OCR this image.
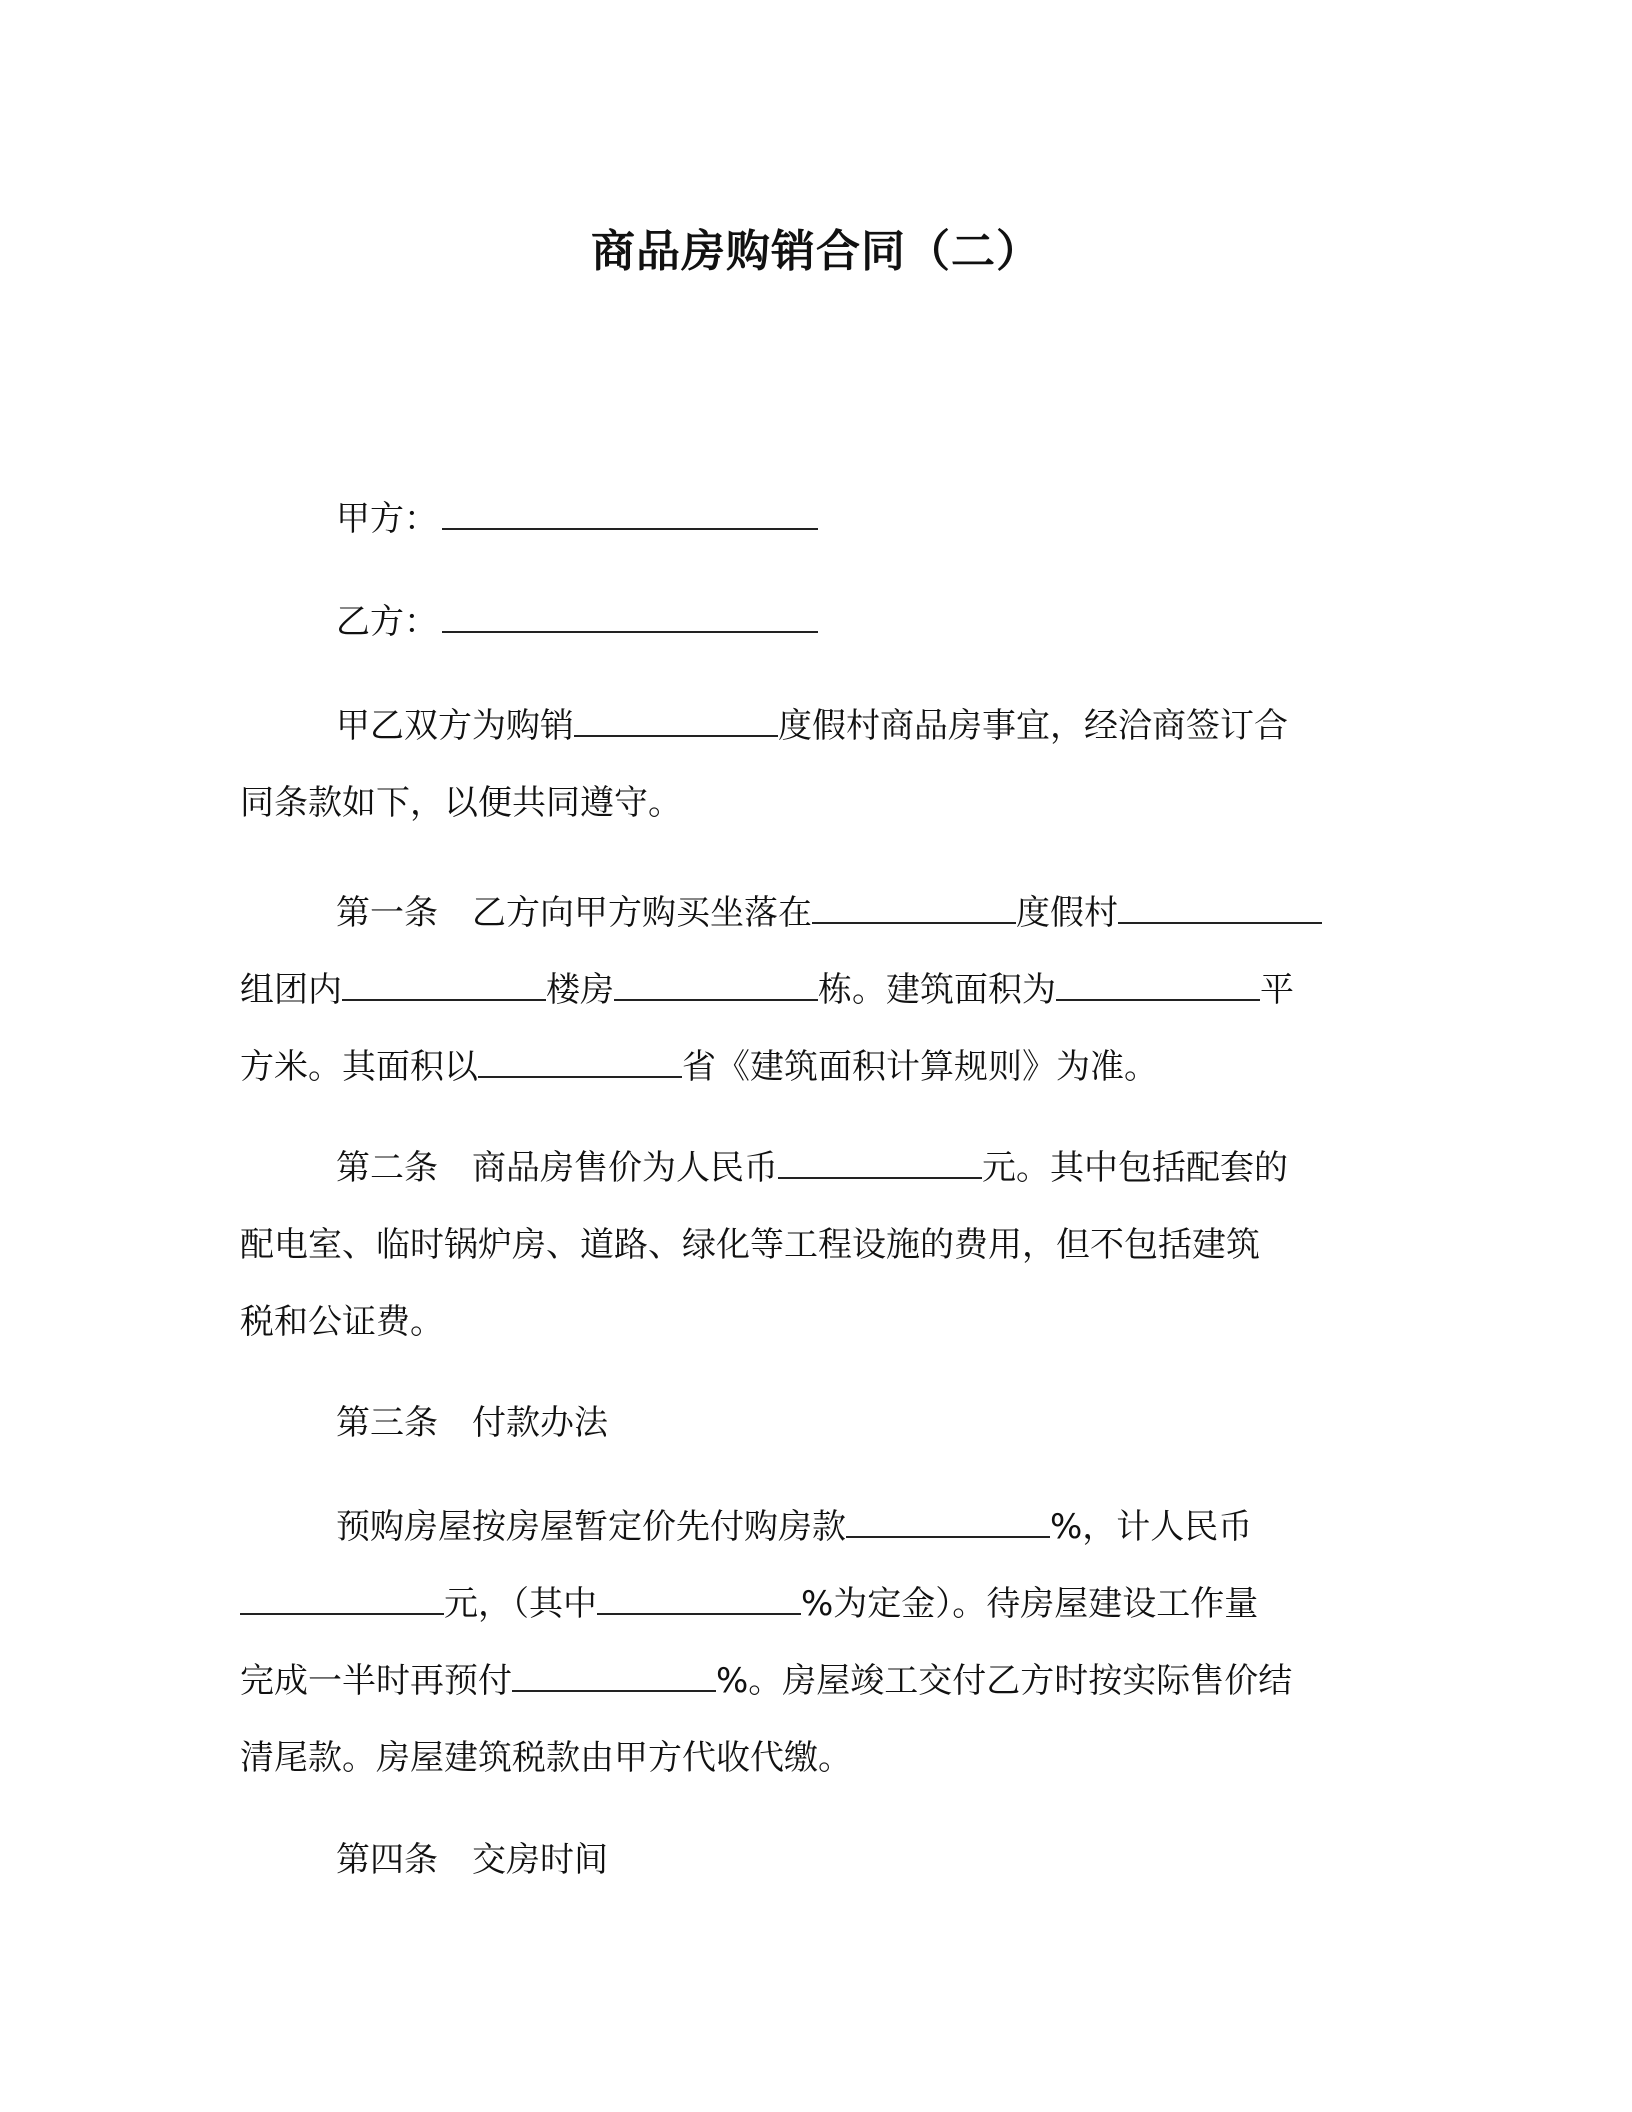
商品房购销合同（二）
甲方：
乙方：
甲乙双方为购销	度假村商品房事宜，经洽商签订合
同条款如下，以便共同遵守。
第一条 乙方向甲方购买坐落在	度假村
组团内	楼房	栋。建筑面积为	平
方米。其面积以	省《建筑面积计算规则》为准。
第二条 商品房售价为人民币	元。其中包括配套的
配电室、临时锅炉房、道路、绿化等工程设施的费用，但不包括建筑
税和公证费。
第三条 付款办法
预购房屋按房屋暂定价先付购房款	%，计人民币
元，（其中	%为定金）。待房屋建设工作量
完成一半时再预付	%。房屋竣工交付乙方时按实际售价结
清尾款。房屋建筑税款由甲方代收代缴。
第四条 交房时间
